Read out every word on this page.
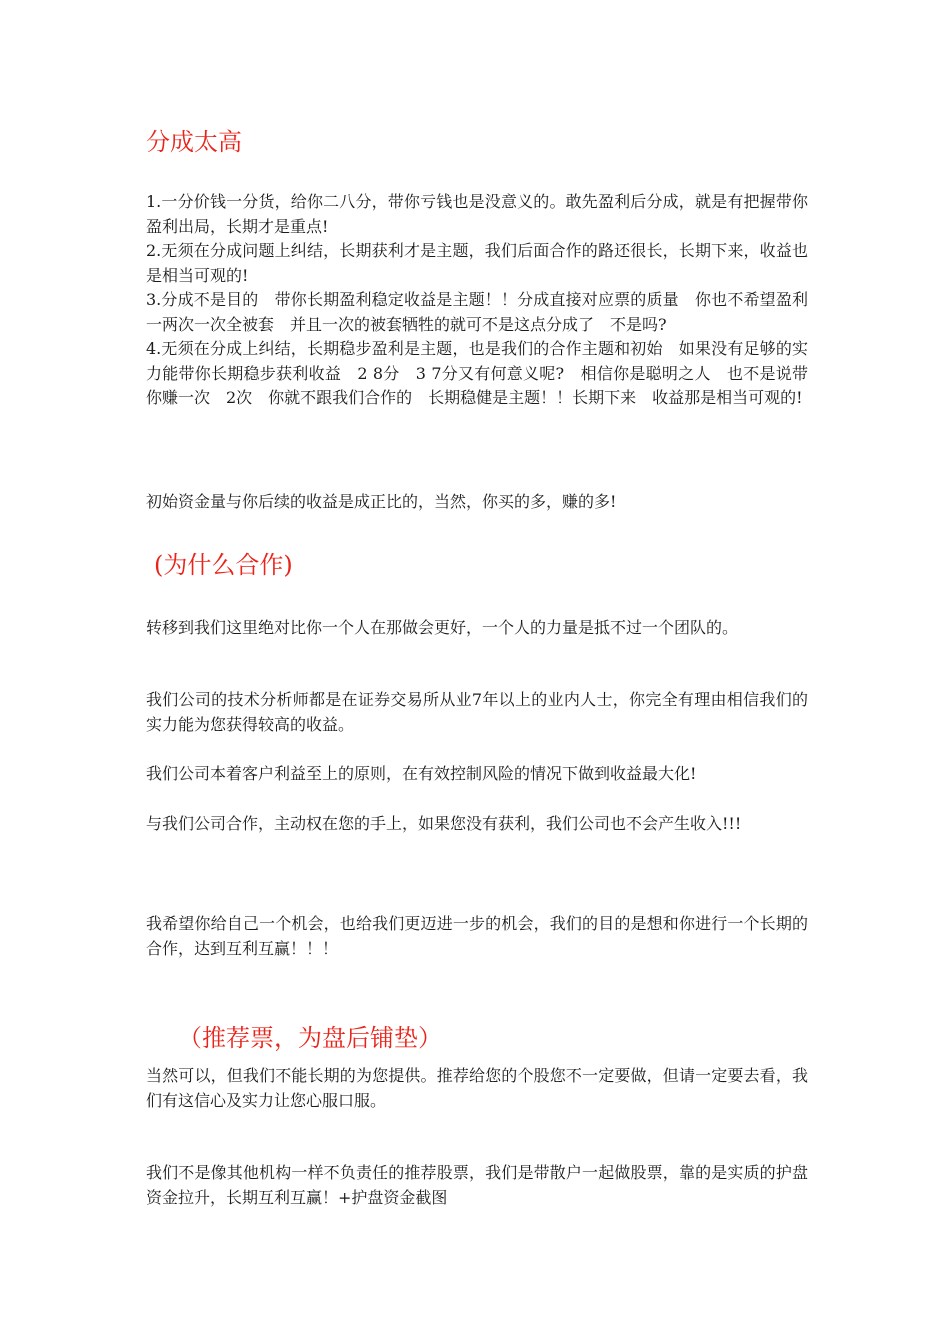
分成太高

1.一分价钱一分货，给你二八分，带你亏钱也是没意义的。敢先盈利后分成，就是有把握带你盈利出局，长期才是重点!

2.无须在分成问题上纠结，长期获利才是主题，我们后面合作的路还很长，长期下来，收益也是相当可观的!

3.分成不是目的　带你长期盈利稳定收益是主题！！分成直接对应票的质量　你也不希望盈利一两次一次全被套　并且一次的被套牺牲的就可不是这点分成了　不是吗?

4.无须在分成上纠结，长期稳步盈利是主题，也是我们的合作主题和初始　如果没有足够的实力能带你长期稳步获利收益　2 8分　3 7分又有何意义呢?　相信你是聪明之人　也不是说带你赚一次　2次　你就不跟我们合作的　长期稳健是主题！！长期下来　收益那是相当可观的!

初始资金量与你后续的收益是成正比的，当然，你买的多，赚的多!

(为什么合作)

转移到我们这里绝对比你一个人在那做会更好，一个人的力量是抵不过一个团队的。

我们公司的技术分析师都是在证券交易所从业7年以上的业内人士，你完全有理由相信我们的实力能为您获得较高的收益。

我们公司本着客户利益至上的原则，在有效控制风险的情况下做到收益最大化!

与我们公司合作，主动权在您的手上，如果您没有获利，我们公司也不会产生收入!!!

我希望你给自己一个机会，也给我们更迈进一步的机会，我们的目的是想和你进行一个长期的合作，达到互利互赢！！！

（推荐票，为盘后铺垫）

当然可以，但我们不能长期的为您提供。推荐给您的个股您不一定要做，但请一定要去看，我们有这信心及实力让您心服口服。

我们不是像其他机构一样不负责任的推荐股票，我们是带散户一起做股票，靠的是实质的护盘资金拉升，长期互利互赢！+护盘资金截图
